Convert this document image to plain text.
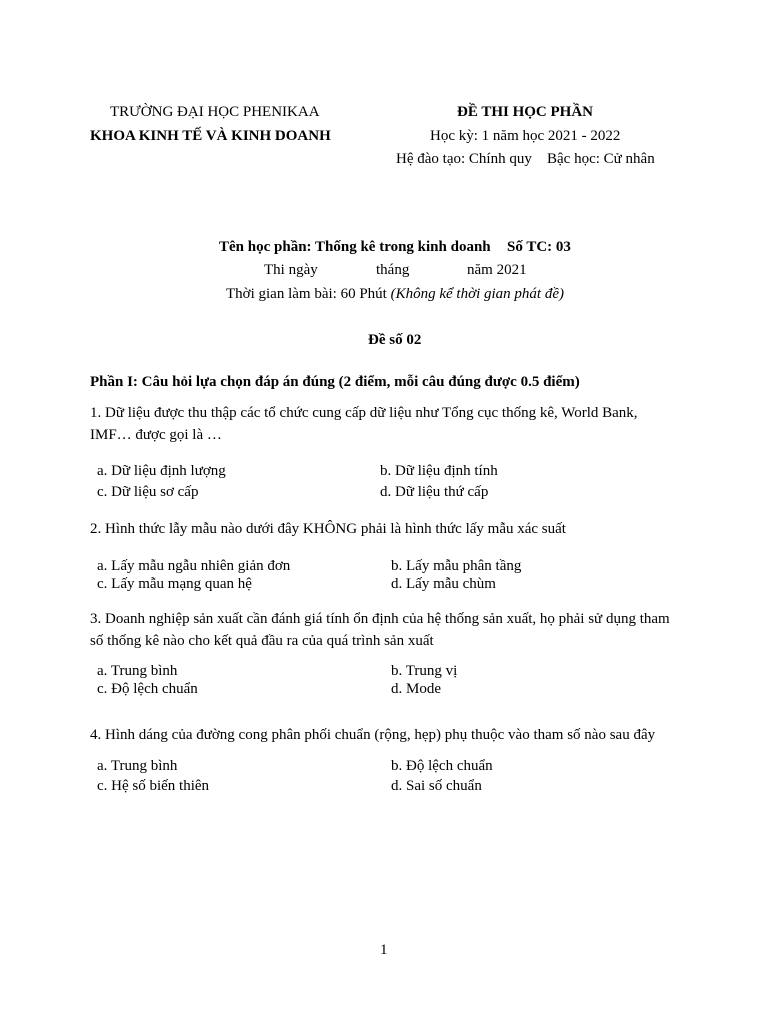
TRƯỜNG ĐẠI HỌC PHENIKAA
KHOA KINH TẾ VÀ KINH DOANH
ĐỀ THI HỌC PHẦN
Học kỳ: 1 năm học 2021 - 2022
Hệ đào tạo: Chính quy Bậc học: Cử nhân
Tên học phần: Thống kê trong kinh doanh Số TC: 03
Thi ngày	tháng	năm 2021
Thời gian làm bài: 60 Phút (Không kể thời gian phát đề)
Đề số 02
Phần I: Câu hỏi lựa chọn đáp án đúng (2 điểm, mỗi câu đúng được 0.5 điểm)
1. Dữ liệu được thu thập các tổ chức cung cấp dữ liệu như Tổng cục thống kê, World Bank, IMF… được gọi là …
a. Dữ liệu định lượng	b. Dữ liệu định tính
c. Dữ liệu sơ cấp	d. Dữ liệu thứ cấp
2. Hình thức lẫy mẫu nào dưới đây KHÔNG phải là hình thức lấy mẫu xác suất
a. Lấy mẫu ngẫu nhiên giản đơn	b. Lấy mẫu phân tầng
c. Lấy mẫu mạng quan hệ	d. Lấy mẫu chùm
3. Doanh nghiệp sản xuất cần đánh giá tính ổn định của hệ thống sản xuất, họ phải sử dụng tham số thống kê nào cho kết quả đầu ra của quá trình sản xuất
a. Trung bình	b. Trung vị
c. Độ lệch chuẩn	d. Mode
4. Hình dáng của đường cong phân phối chuẩn (rộng, hẹp) phụ thuộc vào tham số nào sau đây
a. Trung bình	b. Độ lệch chuẩn
c. Hệ số biến thiên	d. Sai số chuẩn
1
